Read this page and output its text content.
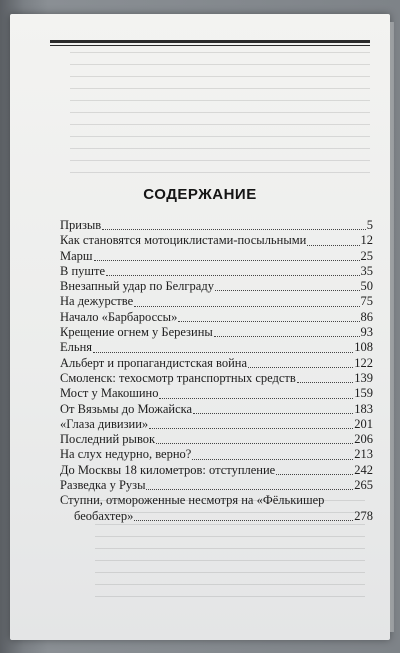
СОДЕРЖАНИЕ
Призыв	5
Как становятся мотоциклистами-посыльными	12
Марш	25
В пуште	35
Внезапный удар по Белграду	50
На дежурстве	75
Начало «Барбароссы»	86
Крещение огнем у Березины	93
Ельня	108
Альберт и пропагандистская война	122
Смоленск: техосмотр транспортных средств	139
Мост у Макошино	159
От Вязьмы до Можайска	183
«Глаза дивизии»	201
Последний рывок	206
На слух недурно, верно?	213
До Москвы 18 километров: отступление	242
Разведка у Рузы	265
Ступни, отмороженные несмотря на «Фёлькишер
беобахтер»	278
